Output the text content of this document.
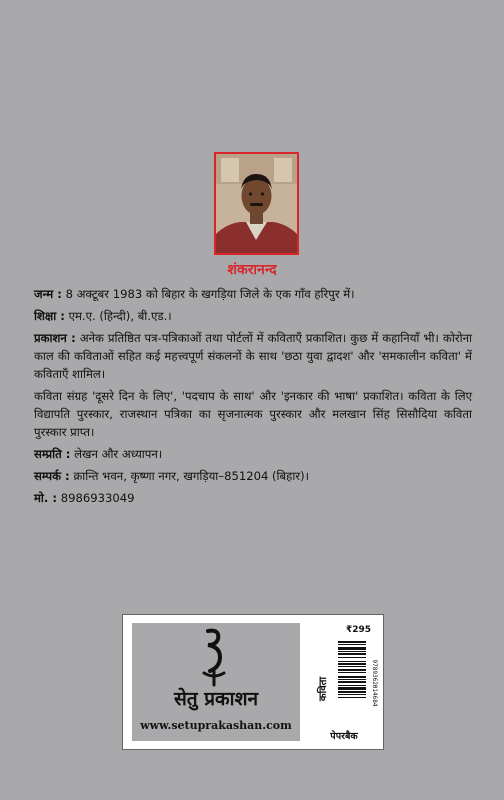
शंकरानन्द

जन्म : 8 अक्टूबर 1983 को बिहार के खगड़िया जिले के एक गाँव हरिपुर में।

शिक्षा : एम.ए. (हिन्दी), बी.एड.।

प्रकाशन : अनेक प्रतिष्ठित पत्र-पत्रिकाओं तथा पोर्टलों में कविताएँ प्रकाशित। कुछ में कहानियाँ भी। कोरोना काल की कविताओं सहित कई महत्त्वपूर्ण संकलनों के साथ 'छठा युवा द्वादश' और 'समकालीन कविता' में कविताएँ शामिल।

कविता संग्रह 'दूसरे दिन के लिए', 'पदचाप के साथ' और 'इनकार की भाषा' प्रकाशित। कविता के लिए विद्यापति पुरस्कार, राजस्थान पत्रिका का सृजनात्मक पुरस्कार और मलखान सिंह सिसौदिया कविता पुरस्कार प्राप्त।

सम्प्रति : लेखन और अध्यापन।

सम्पर्क : क्रान्ति भवन, कृष्णा नगर, खगड़िया–851204 (बिहार)।

मो. : 8986933049

सेतु प्रकाशन
www.setuprakashan.com
₹295
9789362014684
कविता
पेपरबैक
